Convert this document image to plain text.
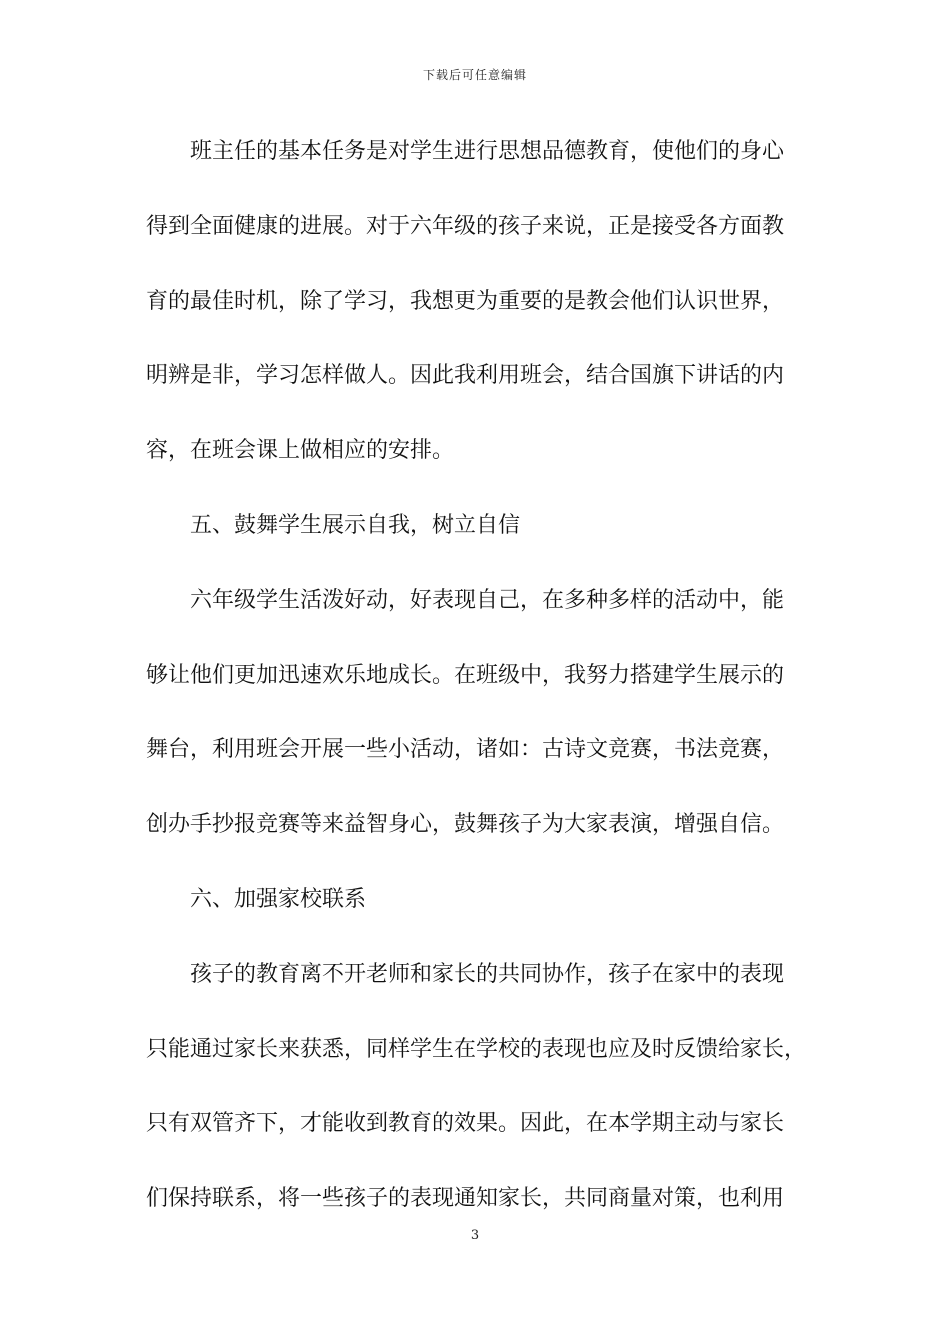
下载后可任意编辑
班主任的基本任务是对学生进行思想品德教育，使他们的身心
得到全面健康的进展。对于六年级的孩子来说，正是接受各方面教
育的最佳时机，除了学习，我想更为重要的是教会他们认识世界，
明辨是非，学习怎样做人。因此我利用班会，结合国旗下讲话的内
容，在班会课上做相应的安排。
五、鼓舞学生展示自我，树立自信
六年级学生活泼好动，好表现自己，在多种多样的活动中，能
够让他们更加迅速欢乐地成长。在班级中，我努力搭建学生展示的
舞台，利用班会开展一些小活动，诸如：古诗文竞赛，书法竞赛，
创办手抄报竞赛等来益智身心，鼓舞孩子为大家表演，增强自信。
六、加强家校联系
孩子的教育离不开老师和家长的共同协作，孩子在家中的表现
只能通过家长来获悉，同样学生在学校的表现也应及时反馈给家长，
只有双管齐下，才能收到教育的效果。因此，在本学期主动与家长
们保持联系，将一些孩子的表现通知家长，共同商量对策，也利用
3
